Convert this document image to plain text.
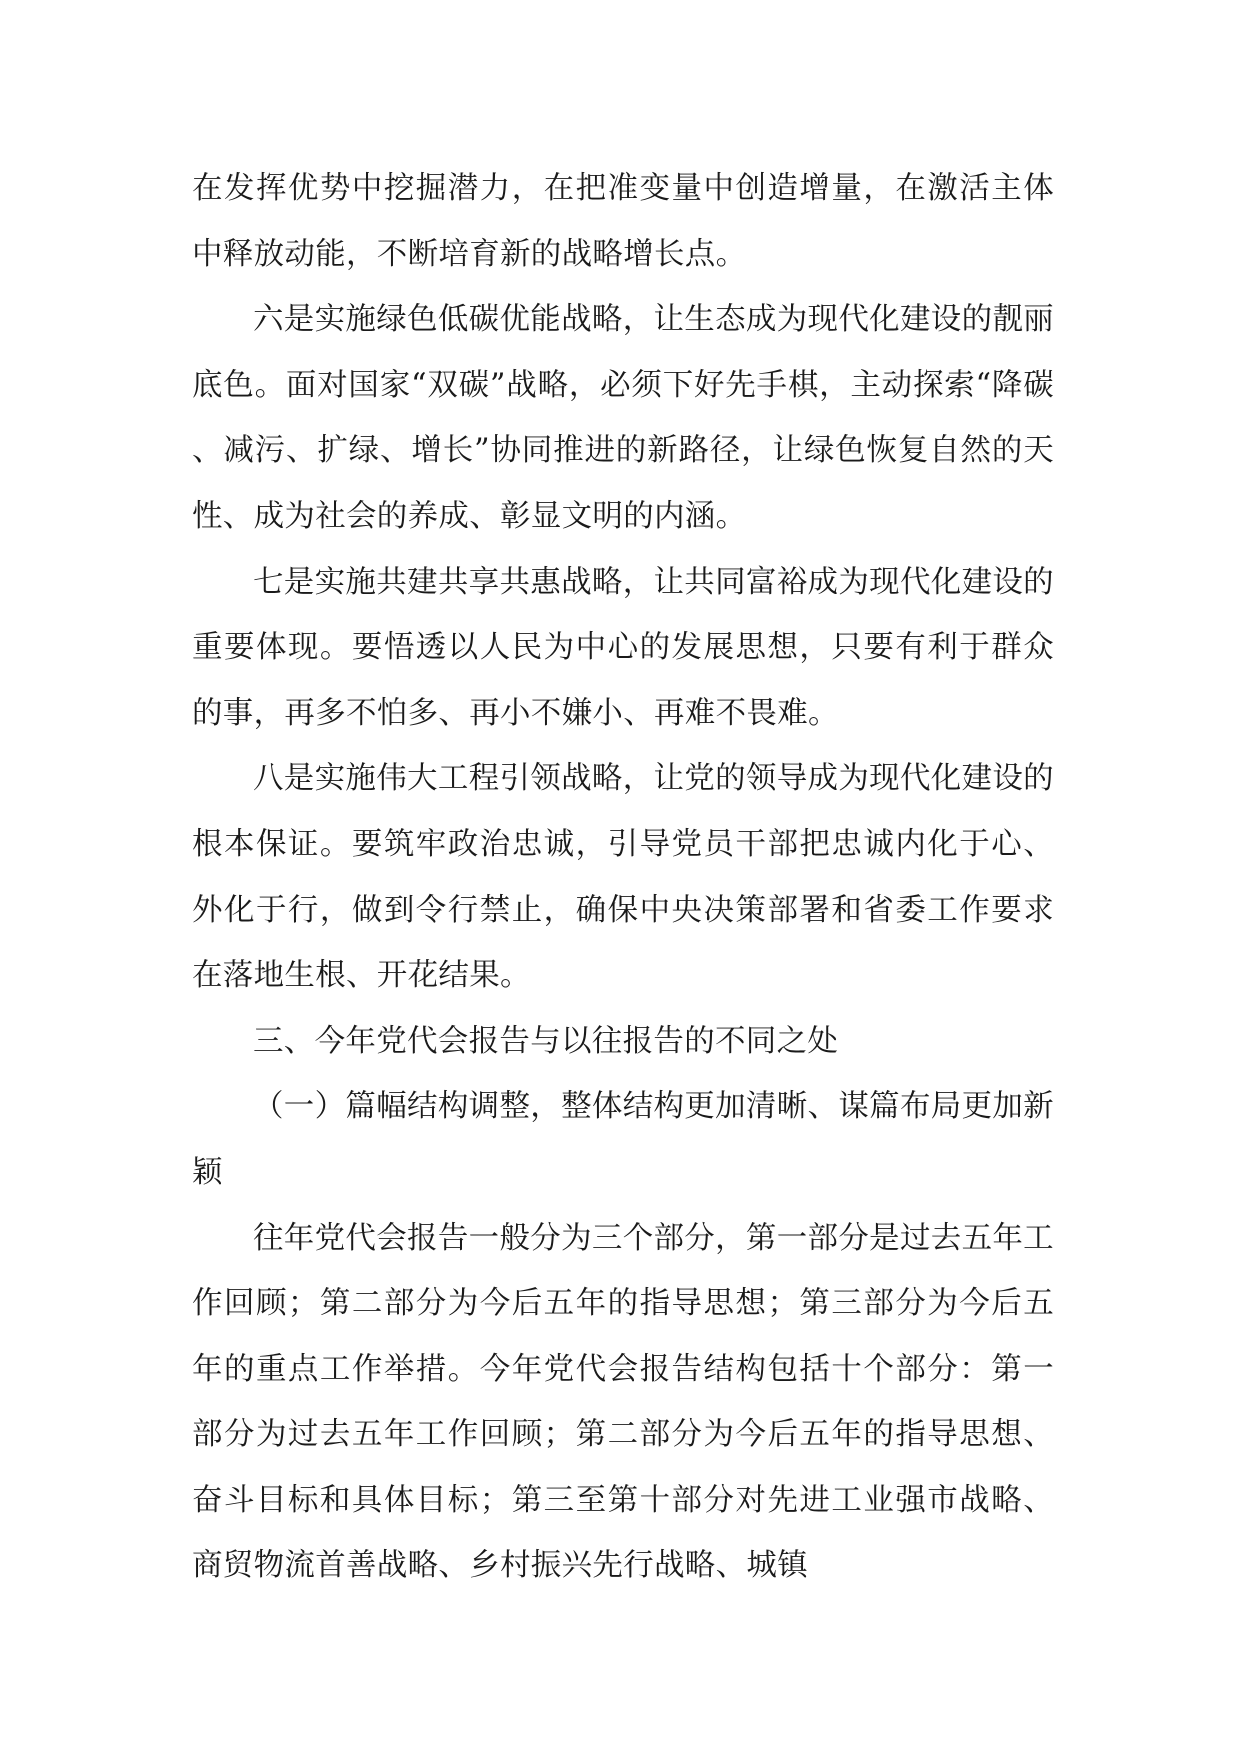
在发挥优势中挖掘潜力，在把准变量中创造增量，在激活主体中释放动能，不断培育新的战略增长点。

六是实施绿色低碳优能战略，让生态成为现代化建设的靓丽底色。面对国家“双碳”战略，必须下好先手棋，主动探索“降碳、减污、扩绿、增长”协同推进的新路径，让绿色恢复自然的天性、成为社会的养成、彰显文明的内涵。

七是实施共建共享共惠战略，让共同富裕成为现代化建设的重要体现。要悟透以人民为中心的发展思想，只要有利于群众的事，再多不怕多、再小不嫌小、再难不畏难。

八是实施伟大工程引领战略，让党的领导成为现代化建设的根本保证。要筑牢政治忠诚，引导党员干部把忠诚内化于心、外化于行，做到令行禁止，确保中央决策部署和省委工作要求在落地生根、开花结果。

三、今年党代会报告与以往报告的不同之处

（一）篇幅结构调整，整体结构更加清晰、谋篇布局更加新颖

往年党代会报告一般分为三个部分，第一部分是过去五年工作回顾；第二部分为今后五年的指导思想；第三部分为今后五年的重点工作举措。今年党代会报告结构包括十个部分：第一部分为过去五年工作回顾；第二部分为今后五年的指导思想、奋斗目标和具体目标；第三至第十部分对先进工业强市战略、商贸物流首善战略、乡村振兴先行战略、城镇
